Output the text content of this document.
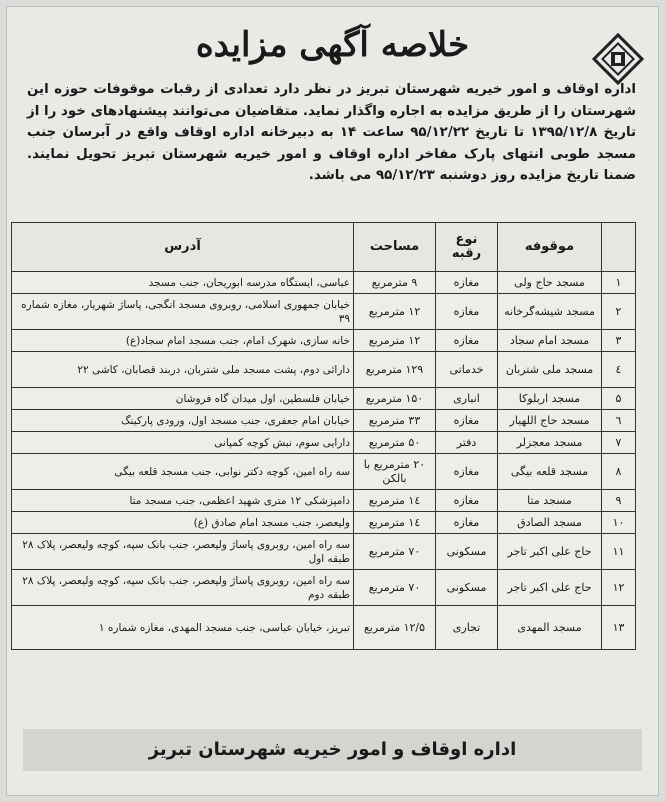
خلاصه آگهی مزایده
اداره اوقاف و امور خیریه شهرستان تبریز در نظر دارد تعدادی از رقبات موقوفات حوزه این شهرستان را از طریق مزایده به اجاره واگذار نماید. متقاضیان می‌توانند پیشنهادهای خود را از تاریخ ۱۳۹۵/۱۲/۸ تا تاریخ ۹۵/۱۲/۲۲ ساعت ۱۴ به دبیرخانه اداره اوقاف واقع در آبرسان جنب مسجد طوبی انتهای پارک مفاخر اداره اوقاف و امور خیریه شهرستان تبریز تحویل نمایند. ضمنا تاریخ مزایده روز دوشنبه ۹۵/۱۲/۲۳ می باشد.
	موقوفه	نوع رقبه	مساحت	آدرس
۱	مسجد حاج ولی	مغازه	۹ مترمربع	عباسی، ایستگاه مدرسه ابوریحان، جنب مسجد
۲	مسجد شیشه‌گرخانه	مغازه	۱۲ مترمربع	خیابان جمهوری اسلامی، روبروی مسجد انگجی، پاساژ شهریار، مغازه شماره ۳۹
۳	مسجد امام سجاد	مغازه	۱۲ مترمربع	خانه سازی، شهرک امام، جنب مسجد امام سجاد(ع)
٤	مسجد ملی شتربان	خدماتی	۱۲۹ مترمربع	دارائی دوم، پشت مسجد ملی شتربان، دربند قصابان، کاشی ۲۲
۵	مسجد اربلوکا	انباری	۱۵۰ مترمربع	خیابان فلسطین، اول میدان گاه فروشان
٦	مسجد حاج اللهیار	مغازه	۳۳ مترمربع	خیابان امام جعفری، جنب مسجد اول، ورودی پارکینگ
۷	مسجد معجزلر	دفتر	۵۰ مترمربع	دارایی سوم، نبش کوچه کمپانی
۸	مسجد قلعه بیگی	مغازه	۲۰ مترمربع با بالکن	سه راه امین، کوچه دکتر نوابی، جنب مسجد قلعه بیگی
۹	مسجد متا	مغازه	۱٤ مترمربع	دامپزشکی ۱۲ متری شهید اعظمی، جنب مسجد متا
۱۰	مسجد الصادق	مغازه	۱٤ مترمربع	ولیعصر، جنب مسجد امام صادق (ع)
۱۱	حاج علی اکبر تاجر	مسکونی	۷۰ مترمربع	سه راه امین، روبروی پاساژ ولیعصر، جنب بانک سپه، کوچه ولیعصر، پلاک ۲۸ طبقه اول
۱۲	حاج علی اکبر تاجر	مسکونی	۷۰ مترمربع	سه راه امین، روبروی پاساژ ولیعصر، جنب بانک سپه، کوچه ولیعصر، پلاک ۲۸ طبقه دوم
۱۳	مسجد المهدی	تجاری	۱۲/۵ مترمربع	تبریز، خیابان عباسی، جنب مسجد المهدی، مغازه شماره ۱
اداره اوقاف و امور خیریه شهرستان تبریز
